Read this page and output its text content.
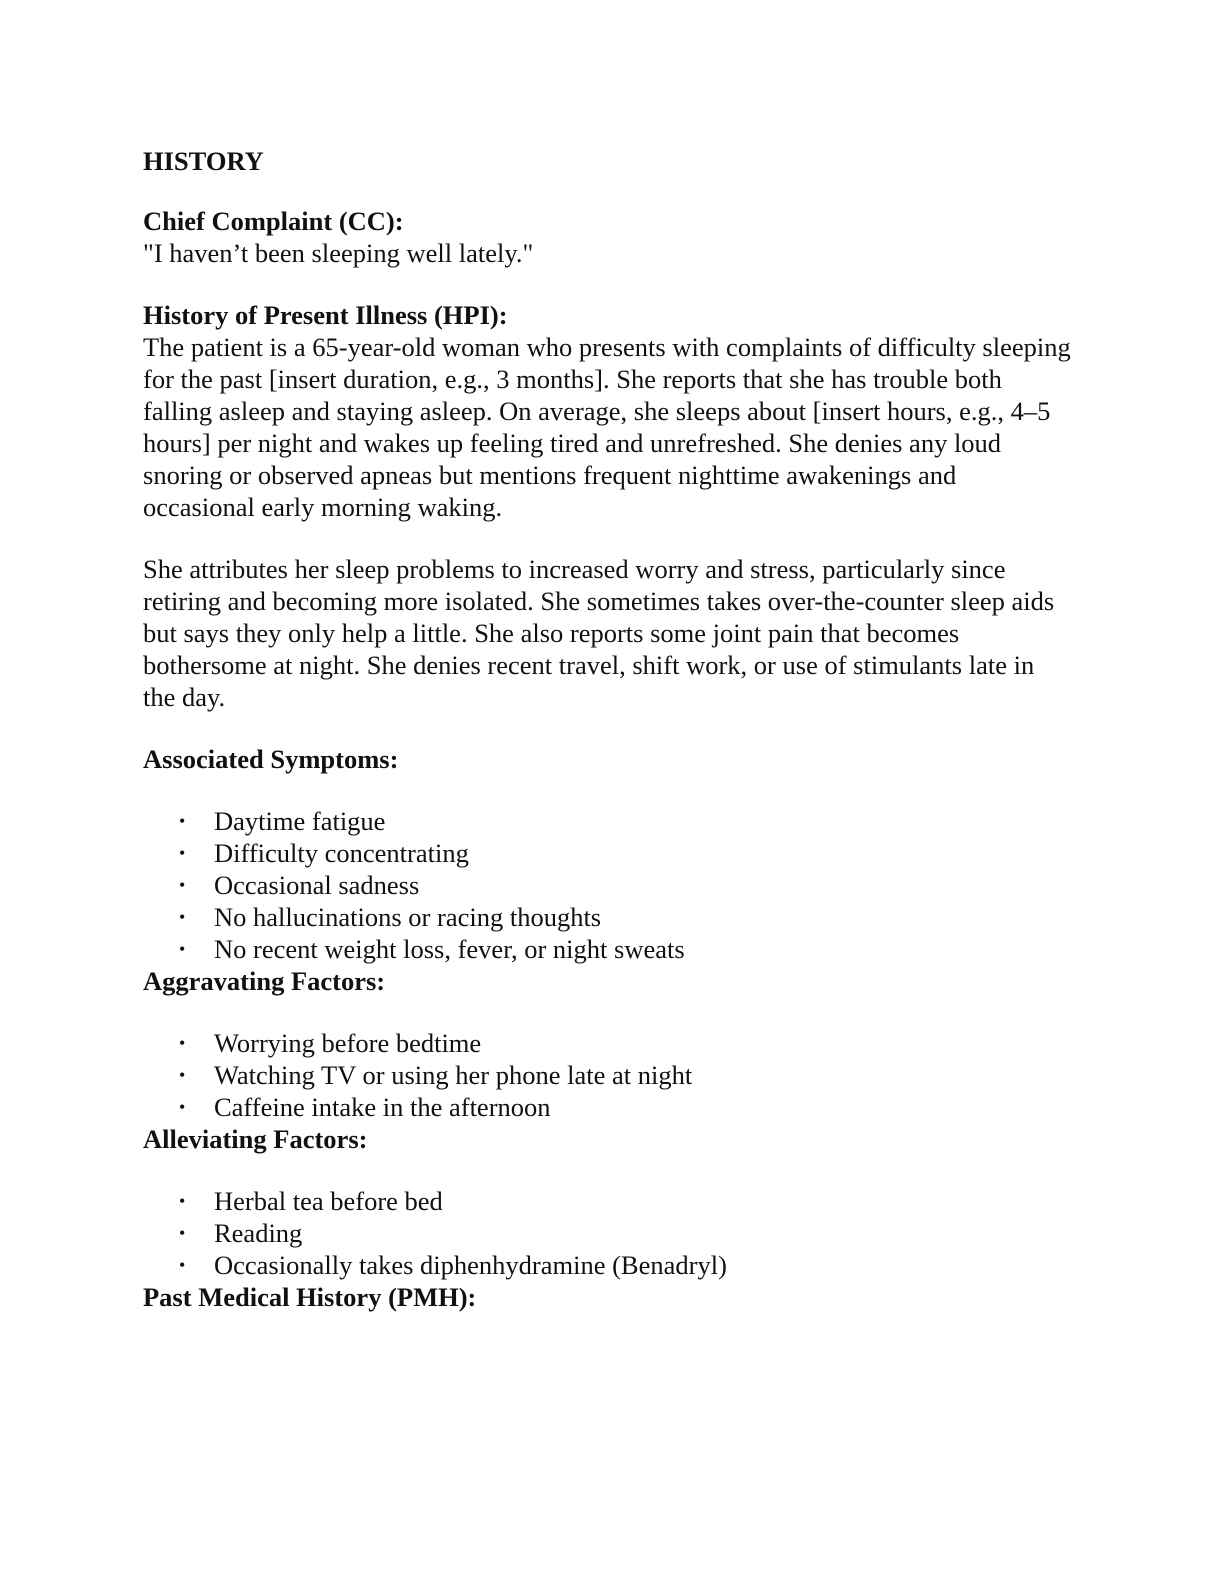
HISTORY
Chief Complaint (CC):

"I haven’t been sleeping well lately."

History of Present Illness (HPI):

The patient is a 65-year-old woman who presents with complaints of difficulty sleeping for the past [insert duration, e.g., 3 months]. She reports that she has trouble both falling asleep and staying asleep. On average, she sleeps about [insert hours, e.g., 4–5 hours] per night and wakes up feeling tired and unrefreshed. She denies any loud snoring or observed apneas but mentions frequent nighttime awakenings and occasional early morning waking.

She attributes her sleep problems to increased worry and stress, particularly since retiring and becoming more isolated. She sometimes takes over-the-counter sleep aids but says they only help a little. She also reports some joint pain that becomes bothersome at night. She denies recent travel, shift work, or use of stimulants late in the day.

Associated Symptoms:
• Daytime fatigue
• Difficulty concentrating
• Occasional sadness
• No hallucinations or racing thoughts
• No recent weight loss, fever, or night sweats
Aggravating Factors:
• Worrying before bedtime
• Watching TV or using her phone late at night
• Caffeine intake in the afternoon
Alleviating Factors:
• Herbal tea before bed
• Reading
• Occasionally takes diphenhydramine (Benadryl)
Past Medical History (PMH):
